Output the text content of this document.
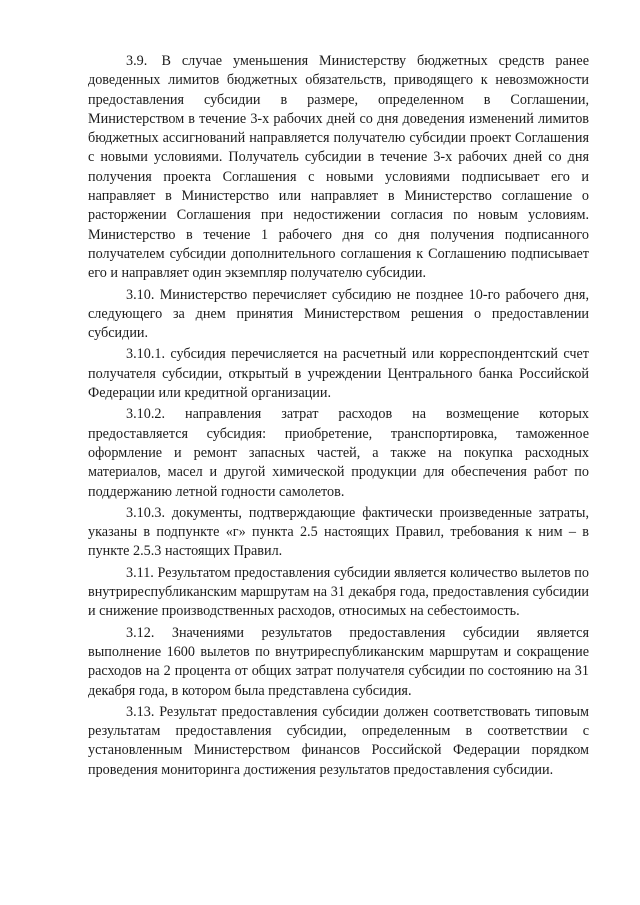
3.9. В случае уменьшения Министерству бюджетных средств ранее доведенных лимитов бюджетных обязательств, приводящего к невозможности предоставления субсидии в размере, определенном в Соглашении, Министерством в течение 3-х рабочих дней со дня доведения изменений лимитов бюджетных ассигнований направляется получателю субсидии проект Соглашения с новыми условиями. Получатель субсидии в течение 3-х рабочих дней со дня получения проекта Соглашения с новыми условиями подписывает его и направляет в Министерство или направляет в Министерство соглашение о расторжении Соглашения при недостижении согласия по новым условиям. Министерство в течение 1 рабочего дня со дня получения подписанного получателем субсидии дополнительного соглашения к Соглашению подписывает его и направляет один экземпляр получателю субсидии.

3.10. Министерство перечисляет субсидию не позднее 10-го рабочего дня, следующего за днем принятия Министерством решения о предоставлении субсидии.

3.10.1. субсидия перечисляется на расчетный или корреспондентский счет получателя субсидии, открытый в учреждении Центрального банка Российской Федерации или кредитной организации.

3.10.2. направления затрат расходов на возмещение которых предоставляется субсидия: приобретение, транспортировка, таможенное оформление и ремонт запасных частей, а также на покупка расходных материалов, масел и другой химической продукции для обеспечения работ по поддержанию летной годности самолетов.

3.10.3. документы, подтверждающие фактически произведенные затраты, указаны в подпункте «г» пункта 2.5 настоящих Правил, требования к ним – в пункте 2.5.3 настоящих Правил.

3.11. Результатом предоставления субсидии является количество вылетов по внутриреспубликанским маршрутам на 31 декабря года, предоставления субсидии и снижение производственных расходов, относимых на себестоимость.

3.12. Значениями результатов предоставления субсидии является выполнение 1600 вылетов по внутриреспубликанским маршрутам и сокращение расходов на 2 процента от общих затрат получателя субсидии по состоянию на 31 декабря года, в котором была представлена субсидия.

3.13. Результат предоставления субсидии должен соответствовать типовым результатам предоставления субсидии, определенным в соответствии с установленным Министерством финансов Российской Федерации порядком проведения мониторинга достижения результатов предоставления субсидии.
